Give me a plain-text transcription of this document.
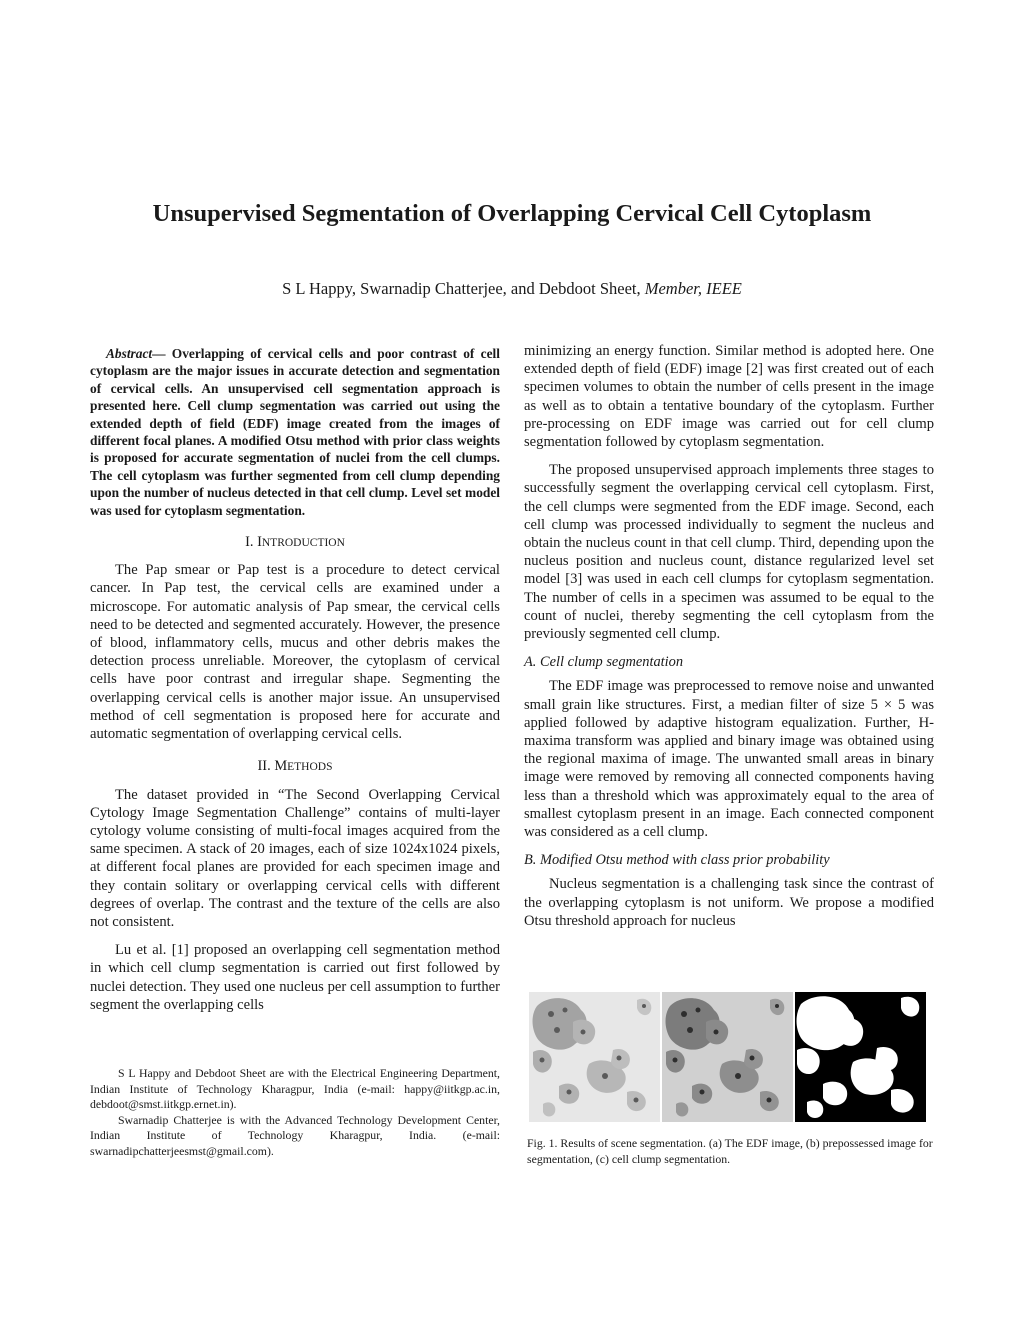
Unsupervised Segmentation of Overlapping Cervical Cell Cytoplasm
S L Happy, Swarnadip Chatterjee, and Debdoot Sheet, Member, IEEE

Abstract— Overlapping of cervical cells and poor contrast of cell cytoplasm are the major issues in accurate detection and segmentation of cervical cells. An unsupervised cell segmentation approach is presented here. Cell clump segmentation was carried out using the extended depth of field (EDF) image created from the images of different focal planes. A modified Otsu method with prior class weights is proposed for accurate segmentation of nuclei from the cell clumps. The cell cytoplasm was further segmented from cell clump depending upon the number of nucleus detected in that cell clump. Level set model was used for cytoplasm segmentation.

I. INTRODUCTION

The Pap smear or Pap test is a procedure to detect cervical cancer. In Pap test, the cervical cells are examined under a microscope. For automatic analysis of Pap smear, the cervical cells need to be detected and segmented accurately. However, the presence of blood, inflammatory cells, mucus and other debris makes the detection process unreliable. Moreover, the cytoplasm of cervical cells have poor contrast and irregular shape. Segmenting the overlapping cervical cells is another major issue. An unsupervised method of cell segmentation is proposed here for accurate and automatic segmentation of overlapping cervical cells.

II. METHODS

The dataset provided in “The Second Overlapping Cervical Cytology Image Segmentation Challenge” contains of multi-layer cytology volume consisting of multi-focal images acquired from the same specimen. A stack of 20 images, each of size 1024x1024 pixels, at different focal planes are provided for each specimen image and they contain solitary or overlapping cervical cells with different degrees of overlap. The contrast and the texture of the cells are also not consistent.

Lu et al. [1] proposed an overlapping cell segmentation method in which cell clump segmentation is carried out first followed by nuclei detection. They used one nucleus per cell assumption to further segment the overlapping cells

S L Happy and Debdoot Sheet are with the Electrical Engineering Department, Indian Institute of Technology Kharagpur, India (e-mail: happy@iitkgp.ac.in, debdoot@smst.iitkgp.ernet.in).

Swarnadip Chatterjee is with the Advanced Technology Development Center, Indian Institute of Technology Kharagpur, India. (e-mail: swarnadipchatterjeesmst@gmail.com).

minimizing an energy function. Similar method is adopted here. One extended depth of field (EDF) image [2] was first created out of each specimen volumes to obtain the number of cells present in the image as well as to obtain a tentative boundary of the cytoplasm. Further pre-processing on EDF image was carried out for cell clump segmentation followed by cytoplasm segmentation.

The proposed unsupervised approach implements three stages to successfully segment the overlapping cervical cell cytoplasm. First, the cell clumps were segmented from the EDF image. Second, each cell clump was processed individually to segment the nucleus and obtain the nucleus count in that cell clump. Third, depending upon the nucleus position and nucleus count, distance regularized level set model [3] was used in each cell clumps for cytoplasm segmentation. The number of cells in a specimen was assumed to be equal to the count of nuclei, thereby segmenting the cell cytoplasm from the previously segmented cell clump.

A. Cell clump segmentation

The EDF image was preprocessed to remove noise and unwanted small grain like structures. First, a median filter of size 5 × 5 was applied followed by adaptive histogram equalization. Further, H-maxima transform was applied and binary image was obtained using the regional maxima of image. The unwanted small areas in binary image were removed by removing all connected components having less than a threshold which was approximately equal to the area of smallest cytoplasm present in an image. Each connected component was considered as a cell clump.

B. Modified Otsu method with class prior probability

Nucleus segmentation is a challenging task since the contrast of the overlapping cytoplasm is not uniform. We propose a modified Otsu threshold approach for nucleus

Fig. 1. Results of scene segmentation. (a) The EDF image, (b) prepossessed image for segmentation, (c) cell clump segmentation.
